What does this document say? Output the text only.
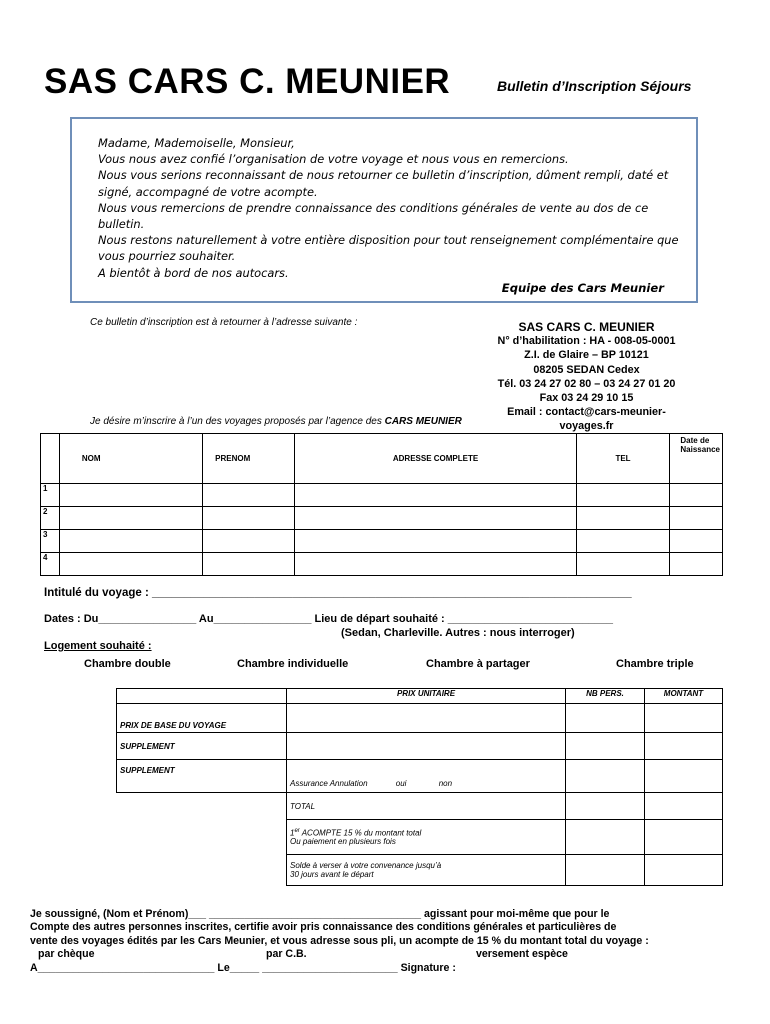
SAS CARS C. MEUNIER	Bulletin d’Inscription Séjours
Madame, Mademoiselle, Monsieur,
Vous nous avez confié l’organisation de votre voyage et nous vous en remercions.
Nous vous serions reconnaissant de nous retourner ce bulletin d’inscription, dûment rempli, daté et
signé, accompagné de votre acompte.
Nous vous remercions de prendre connaissance des conditions générales de vente au dos de ce
bulletin.
Nous restons naturellement à votre entière disposition pour tout renseignement complémentaire que
vous pourriez souhaiter.
A bientôt à bord de nos autocars.
Equipe des Cars Meunier
Ce bulletin d’inscription est à retourner à l’adresse suivante :	SAS CARS C. MEUNIER
N° d’habilitation : HA - 008-05-0001
Z.I. de Glaire – BP 10121
08205 SEDAN Cedex
Tél. 03 24 27 02 80 – 03 24 27 01 20
Fax 03 24 29 10 15
Email : contact@cars-meunier-
voyages.fr
Je désire m’inscrire à l’un des voyages proposés par l’agence des CARS MEUNIER
	NOM	PRENOM	ADRESSE COMPLETE	TEL	Date de
Naissance

1					
2					
3					
4					
Intitulé du voyage : ___________________________________________________________________________
Dates : Du________________ Au________________ Lieu de départ souhaité : ___________________________
(Sedan, Charleville. Autres : nous interroger)
Logement souhaité :
Chambre double	Chambre individuelle	Chambre à partager	Chambre triple
	PRIX UNITAIRE	NB PERS.	MONTANT
PRIX DE BASE DU VOYAGE			
SUPPLEMENT			
SUPPLEMENT	Assurance Annulation oui non		
	TOTAL		

	1er ACOMPTE 15 % du montant total
Ou paiement en plusieurs fois		

	Solde à verser à votre convenance jusqu’à
30 jours avant le départ		

Je soussigné, (Nom et Prénom)___ ____________________________________ agissant pour moi-même que pour le
Compte des autres personnes inscrites, certifie avoir pris connaissance des conditions générales et particulières de
vente des voyages édités par les Cars Meunier, et vous adresse sous pli, un acompte de 15 % du montant total du voyage :
par chèque	par C.B.	versement espèce
A______________________________ Le_____ _______________________ Signature :
